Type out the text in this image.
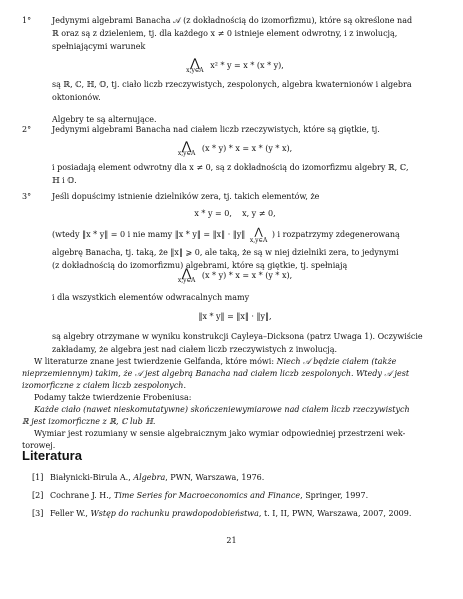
1°	Jedynymi algebrami Banacha 𝒜 (z dokładnością do izomorfizmu), które są określone nad
ℝ oraz są z dzieleniem, tj. dla każdego x ≠ 0 istnieje element odwrotny, i z inwolucją,
spełniającymi warunek
⋀
x,y∈A
x² * y = x * (x * y),
są ℝ, ℂ, ℍ, 𝕆, tj. ciało liczb rzeczywistych, zespolonych, algebra kwaternionów i algebra
oktonionów.
Algebry te są alternujące.
2°	Jedynymi algebrami Banacha nad ciałem liczb rzeczywistych, które są giętkie, tj.
⋀
x,y∈A
(x * y) * x = x * (y * x),
i posiadają element odwrotny dla x ≠ 0, są z dokładnością do izomorfizmu algebry ℝ, ℂ,
ℍ i 𝕆.
3°	Jeśli dopuścimy istnienie dzielników zera, tj. takich elementów, że
x * y = 0,    x, y ≠ 0,
(wtedy ‖x * y‖ = 0 i nie mamy ‖x * y‖ = ‖x‖ · ‖y‖ ⋀
x,y∈A
) i rozpatrzymy zdegenerowaną
algebrę Banacha, tj. taką, że ‖x‖ ⩾ 0, ale taką, że są w niej dzielniki zera, to jedynymi
(z dokładnością do izomorfizmu) algebrami, które są giętkie, tj. spełniają
⋀
x,y∈A
(x * y) * x = x * (y * x),
i dla wszystkich elementów odwracalnych mamy
‖x * y‖ = ‖x‖ · ‖y‖,
są algebry otrzymane w wyniku konstrukcji Cayleya–Dicksona (patrz Uwaga 1). Oczywiście
zakładamy, że algebra jest nad ciałem liczb rzeczywistych z inwolucją.
W literaturze znane jest twierdzenie Gelfanda, które mówi: Niech 𝒜 będzie ciałem (także
nieprzemiennym) takim, że 𝒜 jest algebrą Banacha nad ciałem liczb zespolonych. Wtedy 𝒜 jest
izomorficzne z ciałem liczb zespolonych.
Podamy także twierdzenie Frobeniusa:
Każde ciało (nawet nieskomutatywne) skończeniewymiarowe nad ciałem liczb rzeczywistych
ℝ jest izomorficzne z ℝ, ℂ lub ℍ.
Wymiar jest rozumiany w sensie algebraicznym jako wymiar odpowiedniej przestrzeni wek-
torowej.
Literatura
[1] Białynicki-Birula A., Algebra, PWN, Warszawa, 1976.
[2] Cochrane J. H., Time Series for Macroeconomics and Finance, Springer, 1997.
[3] Feller W., Wstęp do rachunku prawdopodobieństwa, t. I, II, PWN, Warszawa, 2007, 2009.
21
